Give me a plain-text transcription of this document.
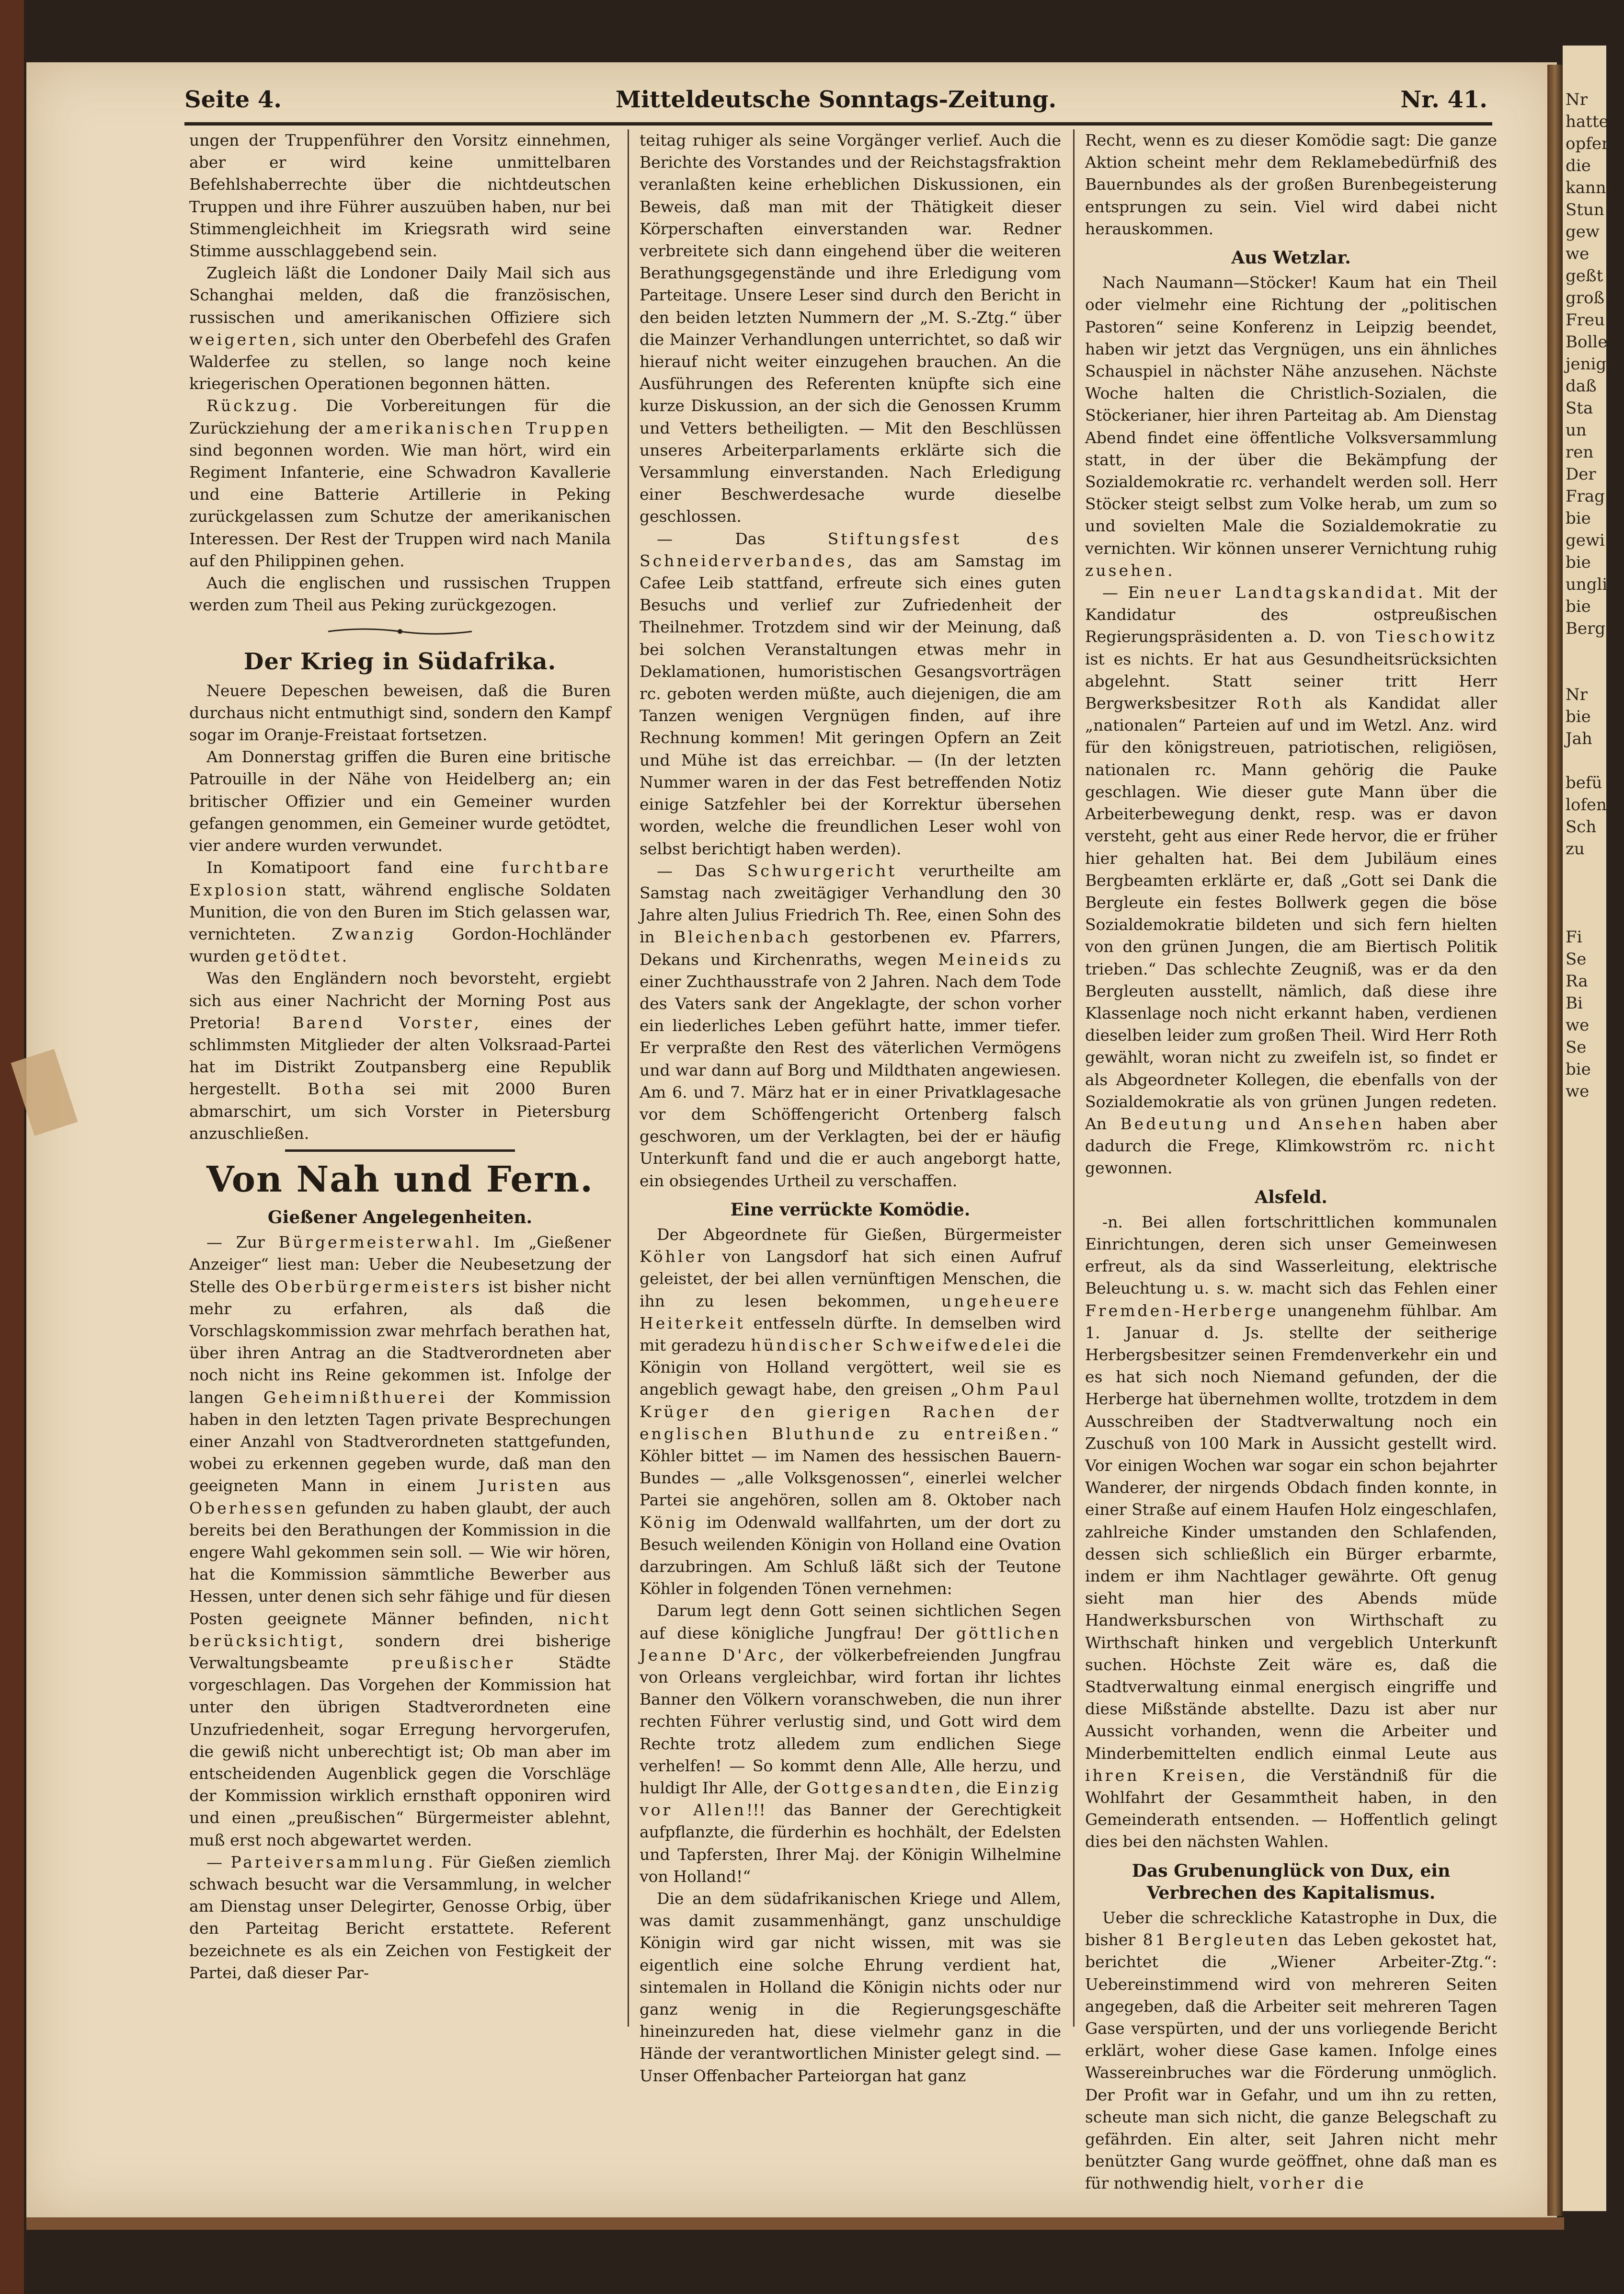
Nr
hatte
opfer
die
kannt
Stun
gew
we
geßt
groß
Freu
Bolle
jeniger
daß
Sta
un
ren
Der
Frag
bie
gewi
bie
ungli
bie
Berg
Nr
bie
Jah
befü
lofen
Sch
zu
Fi
Se
Ra
Bi
we
Se
bie
we
Seite 4.	Mitteldeutsche Sonntags-Zeitung.	Nr. 41.

ungen der Truppenführer den Vorsitz einnehmen, aber er wird keine unmittelbaren Befehlshaberrechte über die nichtdeutschen Truppen und ihre Führer auszuüben haben, nur bei Stimmengleichheit im Kriegsrath wird seine Stimme ausschlaggebend sein.

Zugleich läßt die Londoner Daily Mail sich aus Schanghai melden, daß die französischen, russischen und amerikanischen Offiziere sich weigerten, sich unter den Oberbefehl des Grafen Walderfee zu stellen, so lange noch keine kriegerischen Operationen begonnen hätten.

Rückzug. Die Vorbereitungen für die Zurückziehung der amerikanischen Truppen sind begonnen worden. Wie man hört, wird ein Regiment Infanterie, eine Schwadron Kavallerie und eine Batterie Artillerie in Peking zurückgelassen zum Schutze der amerikanischen Interessen. Der Rest der Truppen wird nach Manila auf den Philippinen gehen.

Auch die englischen und russischen Truppen werden zum Theil aus Peking zurückgezogen.

Der Krieg in Südafrika.

Neuere Depeschen beweisen, daß die Buren durchaus nicht entmuthigt sind, sondern den Kampf sogar im Oranje-Freistaat fortsetzen.

Am Donnerstag griffen die Buren eine britische Patrouille in der Nähe von Heidelberg an; ein britischer Offizier und ein Gemeiner wurden gefangen genommen, ein Gemeiner wurde getödtet, vier andere wurden verwundet.

In Komatipoort fand eine furchtbare Explosion statt, während englische Soldaten Munition, die von den Buren im Stich gelassen war, vernichteten. Zwanzig Gordon-Hochländer wurden getödtet.

Was den Engländern noch bevorsteht, ergiebt sich aus einer Nachricht der Morning Post aus Pretoria! Barend Vorster, eines der schlimmsten Mitglieder der alten Volksraad-Partei hat im Distrikt Zoutpansberg eine Republik hergestellt. Botha sei mit 2000 Buren abmarschirt, um sich Vorster in Pietersburg anzuschließen.

Von Nah und Fern.
Gießener Angelegenheiten.

— Zur Bürgermeisterwahl. Im „Gießener Anzeiger“ liest man: Ueber die Neubesetzung der Stelle des Oberbürgermeisters ist bisher nicht mehr zu erfahren, als daß die Vorschlagskommission zwar mehrfach berathen hat, über ihren Antrag an die Stadtverordneten aber noch nicht ins Reine gekommen ist. Infolge der langen Geheimnißthuerei der Kommission haben in den letzten Tagen private Besprechungen einer Anzahl von Stadtverordneten stattgefunden, wobei zu erkennen gegeben wurde, daß man den geeigneten Mann in einem Juristen aus Oberhessen gefunden zu haben glaubt, der auch bereits bei den Berathungen der Kommission in die engere Wahl gekommen sein soll. — Wie wir hören, hat die Kommission sämmtliche Bewerber aus Hessen, unter denen sich sehr fähige und für diesen Posten geeignete Männer befinden, nicht berücksichtigt, sondern drei bisherige Verwaltungsbeamte	preußischer	Städte vorgeschlagen. Das Vorgehen der Kommission hat unter den übrigen Stadtverordneten eine Unzufriedenheit, sogar Erregung hervorgerufen, die gewiß nicht unberechtigt ist; Ob man aber im entscheidenden Augenblick gegen die Vorschläge der Kommission wirklich ernsthaft opponiren wird und einen „preußischen“ Bürgermeister ablehnt, muß erst noch abgewartet werden.

— Parteiversammlung. Für Gießen ziemlich schwach besucht war die Versammlung, in welcher am Dienstag unser Delegirter, Genosse Orbig, über den Parteitag Bericht erstattete. Referent bezeichnete es als ein Zeichen von Festigkeit der Partei, daß dieser Par-

teitag ruhiger als seine Vorgänger verlief. Auch die Berichte des Vorstandes und der Reichstagsfraktion veranlaßten keine erheblichen Diskussionen, ein Beweis, daß man mit der Thätigkeit dieser Körperschaften einverstanden war. Redner verbreitete sich dann eingehend über die weiteren Berathungsgegenstände und ihre Erledigung vom Parteitage. Unsere Leser sind durch den Bericht in den beiden letzten Nummern der „M. S.-Ztg.“ über die Mainzer Verhandlungen unterrichtet, so daß wir hierauf nicht weiter einzugehen brauchen. An die Ausführungen des Referenten knüpfte sich eine kurze Diskussion, an der sich die Genossen Krumm und Vetters betheiligten. — Mit den Beschlüssen unseres Arbeiterparlaments erklärte sich die Versammlung einverstanden. Nach Erledigung einer Beschwerdesache wurde dieselbe geschlossen.

— Das	Stiftungsfest des Schneiderverbandes, das am Samstag im Cafee Leib stattfand, erfreute sich eines guten Besuchs und verlief zur Zufriedenheit der Theilnehmer. Trotzdem sind wir der Meinung, daß bei solchen Veranstaltungen etwas mehr in Deklamationen, humoristischen Gesangsvorträgen rc. geboten werden müßte, auch diejenigen, die am Tanzen wenigen Vergnügen finden, auf ihre Rechnung kommen! Mit geringen Opfern an Zeit und Mühe ist das erreichbar. — (In der letzten Nummer waren in der das Fest betreffenden Notiz einige Satzfehler bei der Korrektur übersehen worden, welche die freundlichen Leser wohl von selbst berichtigt haben werden).

— Das Schwurgericht verurtheilte am Samstag nach zweitägiger Verhandlung den 30 Jahre alten Julius Friedrich Th. Ree, einen Sohn des in Bleichenbach gestorbenen ev. Pfarrers, Dekans und Kirchenraths, wegen Meineids zu einer Zuchthausstrafe von 2 Jahren. Nach dem Tode des Vaters sank der Angeklagte, der schon vorher ein liederliches Leben geführt hatte, immer tiefer. Er verpraßte den Rest des väterlichen Vermögens und war dann auf Borg und Mildthaten angewiesen. Am 6. und 7. März hat er in einer Privatklagesache vor dem Schöffengericht Ortenberg falsch geschworen, um der Verklagten, bei der er häufig Unterkunft fand und die er auch angeborgt hatte, ein obsiegendes Urtheil zu verschaffen.

Eine verrückte Komödie.

Der Abgeordnete für Gießen, Bürgermeister Köhler von Langsdorf hat sich einen Aufruf geleistet, der bei allen vernünftigen Menschen, die ihn zu lesen bekommen, ungeheuere Heiterkeit entfesseln dürfte. In demselben wird mit geradezu hündischer Schweifwedelei die Königin von Holland vergöttert, weil sie es angeblich gewagt habe, den greisen „Ohm Paul Krüger den gierigen Rachen der englischen Bluthunde zu entreißen.“ Köhler bittet — im Namen des hessischen Bauern-Bundes — „alle Volksgenossen“, einerlei welcher Partei sie angehören, sollen am 8. Oktober nach König im Odenwald wallfahrten, um der dort zu Besuch weilenden Königin von Holland eine Ovation darzubringen. Am Schluß läßt sich der Teutone Köhler in folgenden Tönen vernehmen:

Darum legt denn Gott seinen sichtlichen Segen auf diese königliche Jungfrau! Der göttlichen Jeanne D'Arc, der völkerbefreienden Jungfrau von Orleans vergleichbar, wird fortan ihr lichtes Banner den Völkern voranschweben, die nun ihrer rechten Führer verlustig sind, und Gott wird dem Rechte trotz alledem zum endlichen Siege verhelfen! — So kommt denn Alle, Alle herzu, und huldigt Ihr Alle, der Gottgesandten, die Einzig vor Allen!!! das Banner der Gerechtigkeit aufpflanzte, die fürderhin es hochhält, der Edelsten und Tapfersten, Ihrer Maj. der Königin Wilhelmine von Holland!“

Die an dem südafrikanischen Kriege und Allem, was damit zusammenhängt, ganz unschuldige Königin wird gar nicht wissen, mit was sie eigentlich eine solche Ehrung verdient hat, sintemalen in Holland die Königin nichts oder nur ganz wenig in die Regierungsgeschäfte hineinzureden hat, diese vielmehr ganz in die Hände der verantwortlichen Minister gelegt sind. — Unser Offenbacher Parteiorgan hat ganz

Recht, wenn es zu dieser Komödie sagt: Die ganze Aktion scheint mehr dem Reklamebedürfniß des Bauernbundes als der großen Burenbegeisterung entsprungen zu sein. Viel wird dabei nicht herauskommen.

Aus Wetzlar.

Nach Naumann—Stöcker! Kaum hat ein Theil oder vielmehr eine Richtung der „politischen Pastoren“ seine Konferenz in Leipzig beendet, haben wir jetzt das Vergnügen, uns ein ähnliches Schauspiel in nächster Nähe anzusehen. Nächste Woche halten die Christlich-Sozialen, die Stöckerianer, hier ihren Parteitag ab. Am Dienstag Abend findet eine öffentliche Volksversammlung statt, in der über die Bekämpfung der Sozialdemokratie rc. verhandelt werden soll. Herr Stöcker steigt selbst zum Volke herab, um zum so und sovielten Male die Sozialdemokratie zu vernichten. Wir können unserer Vernichtung ruhig zusehen.

— Ein neuer Landtagskandidat. Mit der Kandidatur des ostpreußischen Regierungspräsidenten a. D. von Tieschowitz ist es nichts. Er hat aus Gesundheitsrücksichten abgelehnt. Statt seiner tritt Herr Bergwerksbesitzer Roth als Kandidat aller „nationalen“ Parteien auf und im Wetzl. Anz. wird für den königstreuen, patriotischen, religiösen, nationalen rc. Mann gehörig die Pauke geschlagen. Wie dieser gute Mann über die Arbeiterbewegung denkt, resp. was er davon versteht, geht aus einer Rede hervor, die er früher hier gehalten hat. Bei dem Jubiläum eines Bergbeamten erklärte er, daß „Gott sei Dank die Bergleute ein festes Bollwerk gegen die böse Sozialdemokratie bildeten und sich fern hielten von den grünen Jungen, die am Biertisch Politik trieben.“ Das schlechte Zeugniß, was er da den Bergleuten ausstellt, nämlich, daß diese ihre Klassenlage noch nicht erkannt haben, verdienen dieselben leider zum großen Theil. Wird Herr Roth gewählt, woran nicht zu zweifeln ist, so findet er als Abgeordneter Kollegen, die ebenfalls von der Sozialdemokratie als von grünen Jungen redeten. An Bedeutung und Ansehen haben aber dadurch die Frege, Klimkowström rc. nicht gewonnen.

Alsfeld.

-n. Bei allen fortschrittlichen kommunalen Einrichtungen, deren sich unser Gemeinwesen erfreut, als da sind Wasserleitung, elektrische Beleuchtung u. s. w. macht sich das Fehlen einer Fremden-Herberge unangenehm fühlbar. Am 1. Januar d. Js. stellte der seitherige Herbergsbesitzer seinen Fremdenverkehr ein und es hat sich noch Niemand gefunden, der die Herberge hat übernehmen wollte, trotzdem in dem Ausschreiben der Stadtverwaltung noch ein Zuschuß von 100 Mark in Aussicht gestellt wird. Vor einigen Wochen war sogar ein schon bejahrter Wanderer, der nirgends Obdach finden konnte, in einer Straße auf einem Haufen Holz eingeschlafen, zahlreiche Kinder umstanden den Schlafenden, dessen sich schließlich ein Bürger erbarmte, indem er ihm Nachtlager gewährte. Oft genug sieht man hier des Abends müde Handwerksburschen von Wirthschaft zu Wirthschaft hinken und vergeblich Unterkunft suchen. Höchste Zeit wäre es, daß die Stadtverwaltung einmal energisch eingriffe und diese Mißstände abstellte. Dazu ist aber nur Aussicht vorhanden, wenn die Arbeiter und Minderbemittelten endlich einmal Leute aus ihren Kreisen, die Verständniß für die Wohlfahrt der Gesammtheit haben, in den Gemeinderath entsenden. — Hoffentlich gelingt dies bei den nächsten Wahlen.

Das Grubenunglück von Dux, ein Verbrechen des Kapitalismus.

Ueber die schreckliche Katastrophe in Dux, die bisher 81 Bergleuten das Leben gekostet hat, berichtet die „Wiener Arbeiter-Ztg.“: Uebereinstimmend wird von mehreren Seiten angegeben, daß die Arbeiter seit mehreren Tagen Gase verspürten, und der uns vorliegende Bericht erklärt, woher diese Gase kamen. Infolge eines Wassereinbruches war die Förderung unmöglich. Der Profit war in Gefahr, und um ihn zu retten, scheute man sich nicht, die ganze Belegschaft zu gefährden. Ein alter, seit Jahren nicht mehr benützter Gang wurde geöffnet, ohne daß man es für nothwendig hielt, vorher die
